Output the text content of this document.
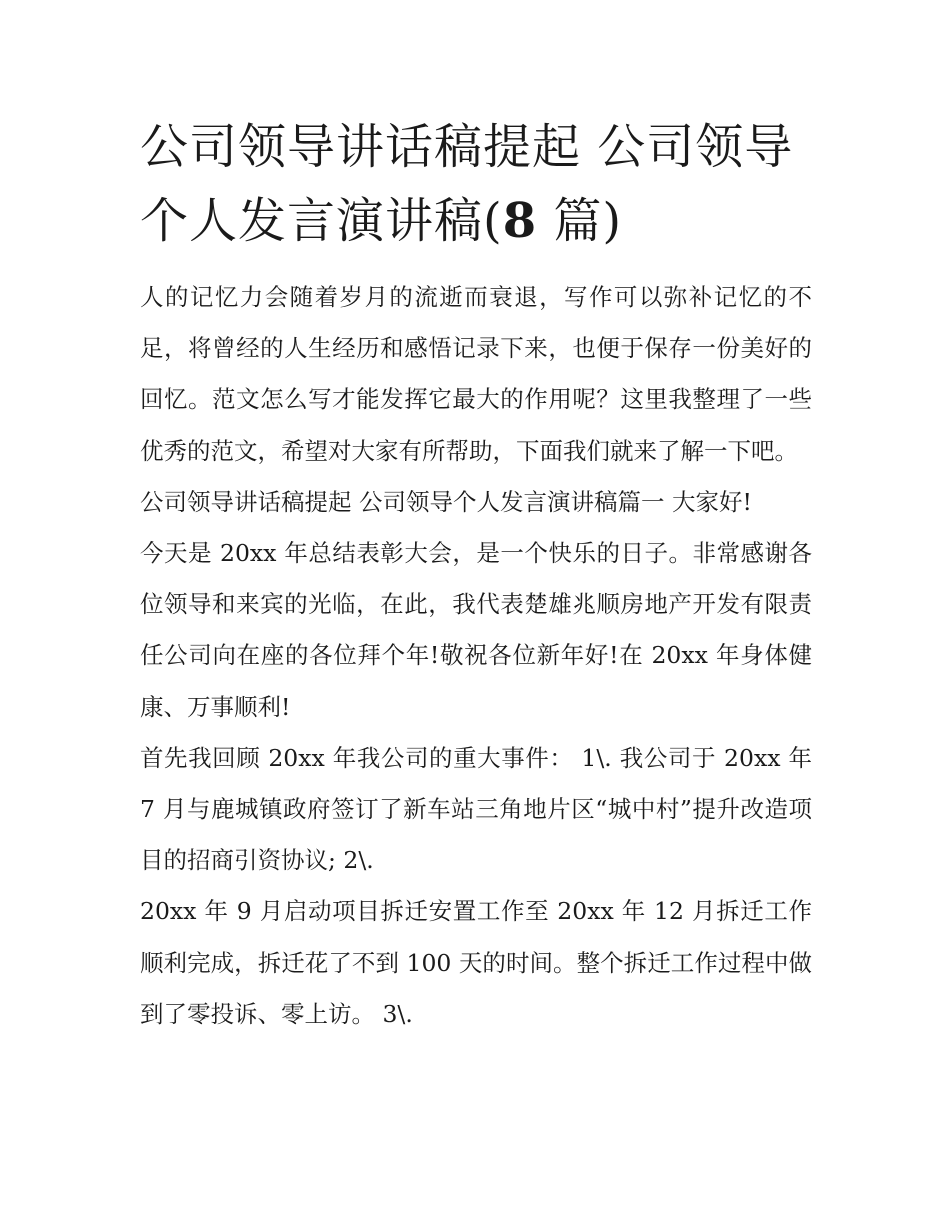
公司领导讲话稿提起 公司领导个人发言演讲稿(8 篇)

人的记忆力会随着岁月的流逝而衰退，写作可以弥补记忆的不足，将曾经的人生经历和感悟记录下来，也便于保存一份美好的回忆。范文怎么写才能发挥它最大的作用呢？这里我整理了一些优秀的范文，希望对大家有所帮助，下面我们就来了解一下吧。

公司领导讲话稿提起 公司领导个人发言演讲稿篇一 大家好!

今天是 20xx 年总结表彰大会，是一个快乐的日子。非常感谢各位领导和来宾的光临，在此，我代表楚雄兆顺房地产开发有限责任公司向在座的各位拜个年!敬祝各位新年好!在 20xx 年身体健康、万事顺利!

首先我回顾 20xx 年我公司的重大事件： 1\. 我公司于 20xx 年 7 月与鹿城镇政府签订了新车站三角地片区“城中村”提升改造项目的招商引资协议; 2\.

20xx 年 9 月启动项目拆迁安置工作至 20xx 年 12 月拆迁工作顺利完成，拆迁花了不到 100 天的时间。整个拆迁工作过程中做到了零投诉、零上访。 3\.
